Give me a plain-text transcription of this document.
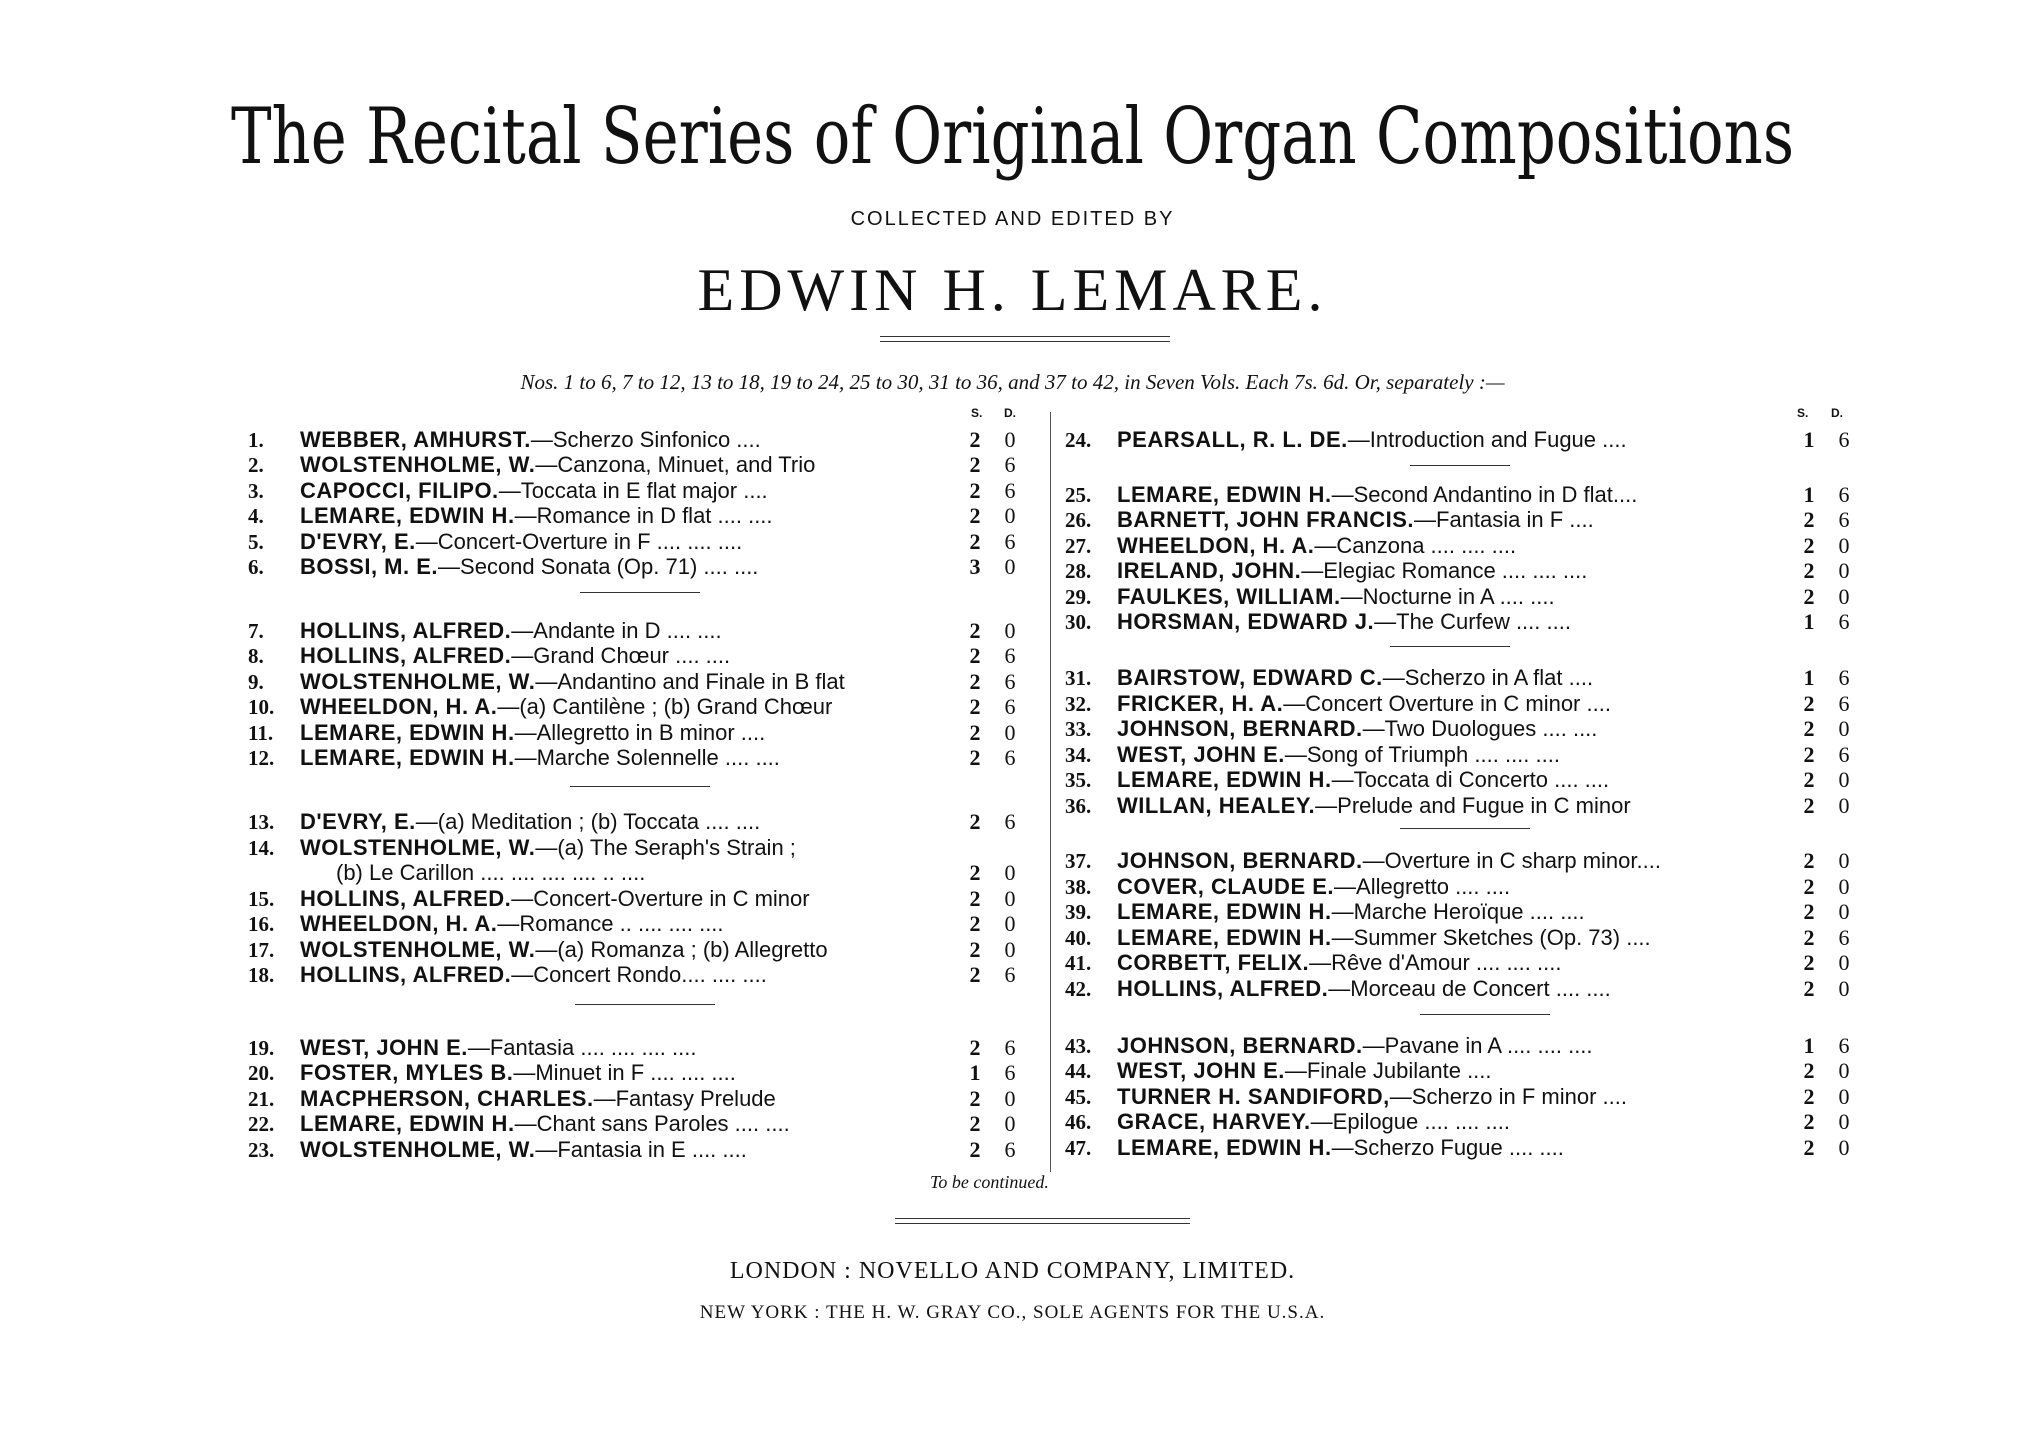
The Recital Series of Original Organ Compositions
COLLECTED AND EDITED BY
EDWIN H. LEMARE.
Nos. 1 to 6, 7 to 12, 13 to 18, 19 to 24, 25 to 30, 31 to 36, and 37 to 42, in Seven Vols. Each 7s. 6d. Or, separately :—
S. D.	S. D.
1.	WEBBER, AMHURST.—Scherzo Sinfonico ....	2 0
2.	WOLSTENHOLME, W.—Canzona, Minuet, and Trio	2 6
3.	CAPOCCI, FILIPO.—Toccata in E flat major ....	2 6
4.	LEMARE, EDWIN H.—Romance in D flat .... ....	2 0
5.	D'EVRY, E.—Concert-Overture in F .... .... ....	2 6
6.	BOSSI, M. E.—Second Sonata (Op. 71) .... ....	3 0
7.	HOLLINS, ALFRED.—Andante in D .... ....	2 0
8.	HOLLINS, ALFRED.—Grand Chœur .... ....	2 6
9.	WOLSTENHOLME, W.—Andantino and Finale in B flat	2 6
10.	WHEELDON, H. A.—(a) Cantilène ; (b) Grand Chœur	2 6
11.	LEMARE, EDWIN H.—Allegretto in B minor ....	2 0
12.	LEMARE, EDWIN H.—Marche Solennelle .... ....	2 6
13.	D'EVRY, E.—(a) Meditation ; (b) Toccata .... ....	2 6
14.	WOLSTENHOLME, W.—(a) The Seraph's Strain ;
(b) Le Carillon .... .... .... .... .. ....	2 0
15.	HOLLINS, ALFRED.—Concert-Overture in C minor	2 0
16.	WHEELDON, H. A.—Romance .. .... .... ....	2 0
17.	WOLSTENHOLME, W.—(a) Romanza ; (b) Allegretto	2 0
18.	HOLLINS, ALFRED.—Concert Rondo.... .... ....	2 6
19.	WEST, JOHN E.—Fantasia .... .... .... ....	2 6
20.	FOSTER, MYLES B.—Minuet in F .... .... ....	1 6
21.	MACPHERSON, CHARLES.—Fantasy Prelude	2 0
22.	LEMARE, EDWIN H.—Chant sans Paroles .... ....	2 0
23.	WOLSTENHOLME, W.—Fantasia in E .... ....	2 6
24.	PEARSALL, R. L. DE.—Introduction and Fugue ....	1 6
25.	LEMARE, EDWIN H.—Second Andantino in D flat....	1 6
26.	BARNETT, JOHN FRANCIS.—Fantasia in F ....	2 6
27.	WHEELDON, H. A.—Canzona .... .... ....	2 0
28.	IRELAND, JOHN.—Elegiac Romance .... .... ....	2 0
29.	FAULKES, WILLIAM.—Nocturne in A .... ....	2 0
30.	HORSMAN, EDWARD J.—The Curfew .... ....	1 6
31.	BAIRSTOW, EDWARD C.—Scherzo in A flat ....	1 6
32.	FRICKER, H. A.—Concert Overture in C minor ....	2 6
33.	JOHNSON, BERNARD.—Two Duologues .... ....	2 0
34.	WEST, JOHN E.—Song of Triumph .... .... ....	2 6
35.	LEMARE, EDWIN H.—Toccata di Concerto .... ....	2 0
36.	WILLAN, HEALEY.—Prelude and Fugue in C minor	2 0
37.	JOHNSON, BERNARD.—Overture in C sharp minor....	2 0
38.	COVER, CLAUDE E.—Allegretto .... ....	2 0
39.	LEMARE, EDWIN H.—Marche Heroïque .... ....	2 0
40.	LEMARE, EDWIN H.—Summer Sketches (Op. 73) ....	2 6
41.	CORBETT, FELIX.—Rêve d'Amour .... .... ....	2 0
42.	HOLLINS, ALFRED.—Morceau de Concert .... ....	2 0
43.	JOHNSON, BERNARD.—Pavane in A .... .... ....	1 6
44.	WEST, JOHN E.—Finale Jubilante ....	2 0
45.	TURNER H. SANDIFORD,—Scherzo in F minor ....	2 0
46.	GRACE, HARVEY.—Epilogue .... .... ....	2 0
47.	LEMARE, EDWIN H.—Scherzo Fugue .... ....	2 0
To be continued.
LONDON : NOVELLO AND COMPANY, LIMITED.
NEW YORK : THE H. W. GRAY CO., SOLE AGENTS FOR THE U.S.A.
